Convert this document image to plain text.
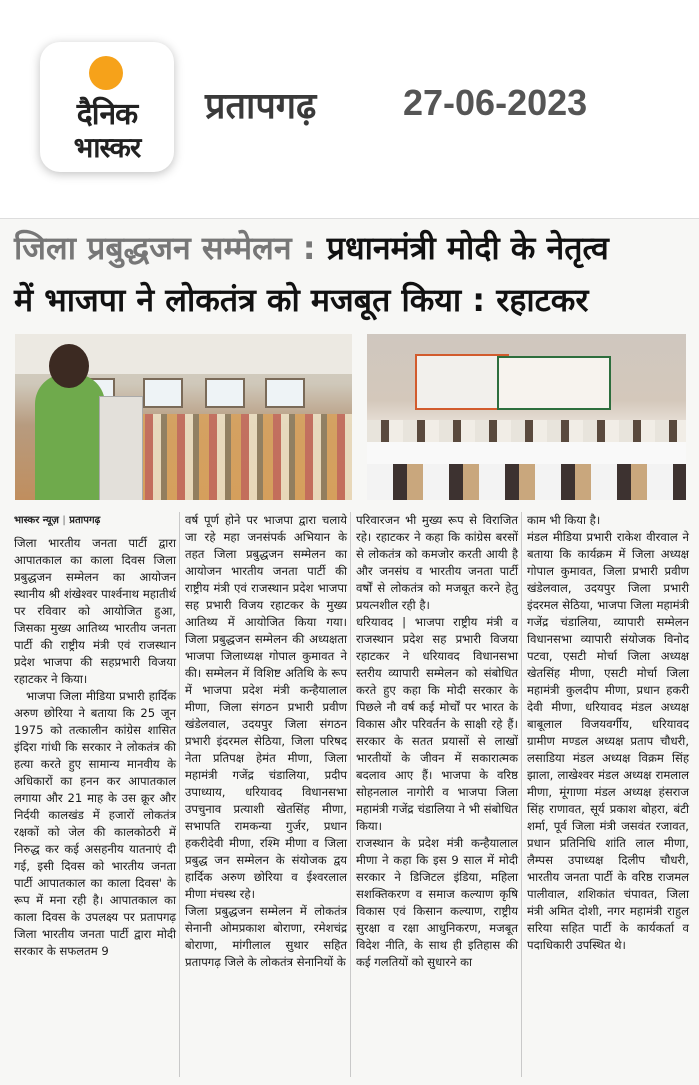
दैनिक
भास्कर
प्रतापगढ़ 27-06-2023
जिला प्रबुद्धजन सम्मेलन : प्रधानमंत्री मोदी के नेतृत्व
में भाजपा ने लोकतंत्र को मजबूत किया : रहाटकर

भास्कर न्यूज़ | प्रतापगढ़

जिला भारतीय जनता पार्टी द्वारा आपातकाल का काला दिवस जिला प्रबुद्धजन सम्मेलन का आयोजन स्थानीय श्री शंखेश्वर पार्श्वनाथ महातीर्थ पर रविवार को आयोजित हुआ, जिसका मुख्य आतिथ्य भारतीय जनता पार्टी की राष्ट्रीय मंत्री एवं राजस्थान प्रदेश भाजपा की सहप्रभारी विजया रहाटकर ने किया।

भाजपा जिला मीडिया प्रभारी हार्दिक अरुण छोरिया ने बताया कि 25 जून 1975 को तत्कालीन कांग्रेस शासित इंदिरा गांधी कि सरकार ने लोकतंत्र की हत्या करते हुए सामान्य मानवीय के अधिकारों का हनन कर आपातकाल लगाया और 21 माह के उस क्रूर और निर्दयी कालखंड में हजारों लोकतंत्र रक्षकों को जेल की कालकोठरी में निरुद्ध कर कई असहनीय यातनाएं दी गई, इसी दिवस को भारतीय जनता पार्टी आपातकाल का काला दिवस' के रूप में मना रही है। आपातकाल का काला दिवस के उपलक्ष्य पर प्रतापगढ़ जिला भारतीय जनता पार्टी द्वारा मोदी सरकार के सफलतम 9

वर्ष पूर्ण होने पर भाजपा द्वारा चलाये जा रहे महा जनसंपर्क अभियान के तहत जिला प्रबुद्धजन सम्मेलन का आयोजन भारतीय जनता पार्टी की राष्ट्रीय मंत्री एवं राजस्थान प्रदेश भाजपा सह प्रभारी विजय रहाटकर के मुख्य आतिथ्य में आयोजित किया गया। जिला प्रबुद्धजन सम्मेलन की अध्यक्षता भाजपा जिलाध्यक्ष गोपाल कुमावत ने की। सम्मेलन में विशिष्ट अतिथि के रूप में भाजपा प्रदेश मंत्री कन्हैयालाल मीणा, जिला संगठन प्रभारी प्रवीण खंडेलवाल, उदयपुर जिला संगठन प्रभारी इंदरमल सेठिया, जिला परिषद नेता प्रतिपक्ष हेमंत मीणा, जिला महामंत्री गजेंद्र चंडालिया, प्रदीप उपाध्याय, धरियावद विधानसभा उपचुनाव प्रत्याशी खेतसिंह मीणा, सभापति रामकन्या गुर्जर, प्रधान हकरीदेवी मीणा, रश्मि मीणा व जिला प्रबुद्ध जन सम्मेलन के संयोजक द्वय हार्दिक अरुण छोरिया व ईश्वरलाल मीणा मंचस्थ रहे।

जिला प्रबुद्धजन सम्मेलन में लोकतंत्र सेनानी ओमप्रकाश बोराणा, रमेशचंद्र बोराणा, मांगीलाल सुथार सहित प्रतापगढ़ जिले के लोकतंत्र सेनानियों के

परिवारजन भी मुख्य रूप से विराजित रहे। रहाटकर ने कहा कि कांग्रेस बरसों से लोकतंत्र को कमजोर करती आयी है और जनसंघ व भारतीय जनता पार्टी वर्षों से लोकतंत्र को मजबूत करने हेतु प्रयत्नशील रही है।

धरियावद | भाजपा राष्ट्रीय मंत्री व राजस्थान प्रदेश सह प्रभारी विजया रहाटकर ने धरियावद विधानसभा स्तरीय व्यापारी सम्मेलन को संबोधित करते हुए कहा कि मोदी सरकार के पिछले नौ वर्ष कई मोर्चों पर भारत के विकास और परिवर्तन के साक्षी रहे हैं। सरकार के सतत प्रयासों से लाखों भारतीयों के जीवन में सकारात्मक बदलाव आए हैं। भाजपा के वरिष्ठ सोहनलाल नागोरी व भाजपा जिला महामंत्री गजेंद्र चंडालिया ने भी संबोधित किया।

राजस्थान के प्रदेश मंत्री कन्हैयालाल मीणा ने कहा कि इस 9 साल में मोदी सरकार ने डिजिटल इंडिया, महिला सशक्तिकरण व समाज कल्याण कृषि विकास एवं किसान कल्याण, राष्ट्रीय सुरक्षा व रक्षा आधुनिकरण, मजबूत विदेश नीति, के साथ ही इतिहास की कई गलतियों को सुधारने का

काम भी किया है।

मंडल मीडिया प्रभारी राकेश वीरवाल ने बताया कि कार्यक्रम में जिला अध्यक्ष गोपाल कुमावत, जिला प्रभारी प्रवीण खंडेलवाल, उदयपुर जिला प्रभारी इंदरमल सेठिया, भाजपा जिला महामंत्री गजेंद्र चंडालिया, व्यापारी सम्मेलन विधानसभा व्यापारी संयोजक विनोद पटवा, एसटी मोर्चा जिला अध्यक्ष खेतसिंह मीणा, एसटी मोर्चा जिला महामंत्री कुलदीप मीणा, प्रधान हकरी देवी मीणा, धरियावद मंडल अध्यक्ष बाबूलाल विजयवर्गीय, धरियावद ग्रामीण मण्डल अध्यक्ष प्रताप चौधरी, लसाडिया मंडल अध्यक्ष विक्रम सिंह झाला, लाखेश्वर मंडल अध्यक्ष रामलाल मीणा, मूंगाणा मंडल अध्यक्ष हंसराज सिंह राणावत, सूर्य प्रकाश बोहरा, बंटी शर्मा, पूर्व जिला मंत्री जसवंत रजावत, प्रधान प्रतिनिधि शांति लाल मीणा, लैम्पस उपाध्यक्ष दिलीप चौधरी, भारतीय जनता पार्टी के वरिष्ठ राजमल पालीवाल, शशिकांत चंपावत, जिला मंत्री अमित दोशी, नगर महामंत्री राहुल सरिया सहित पार्टी के कार्यकर्ता व पदाधिकारी उपस्थित थे।
